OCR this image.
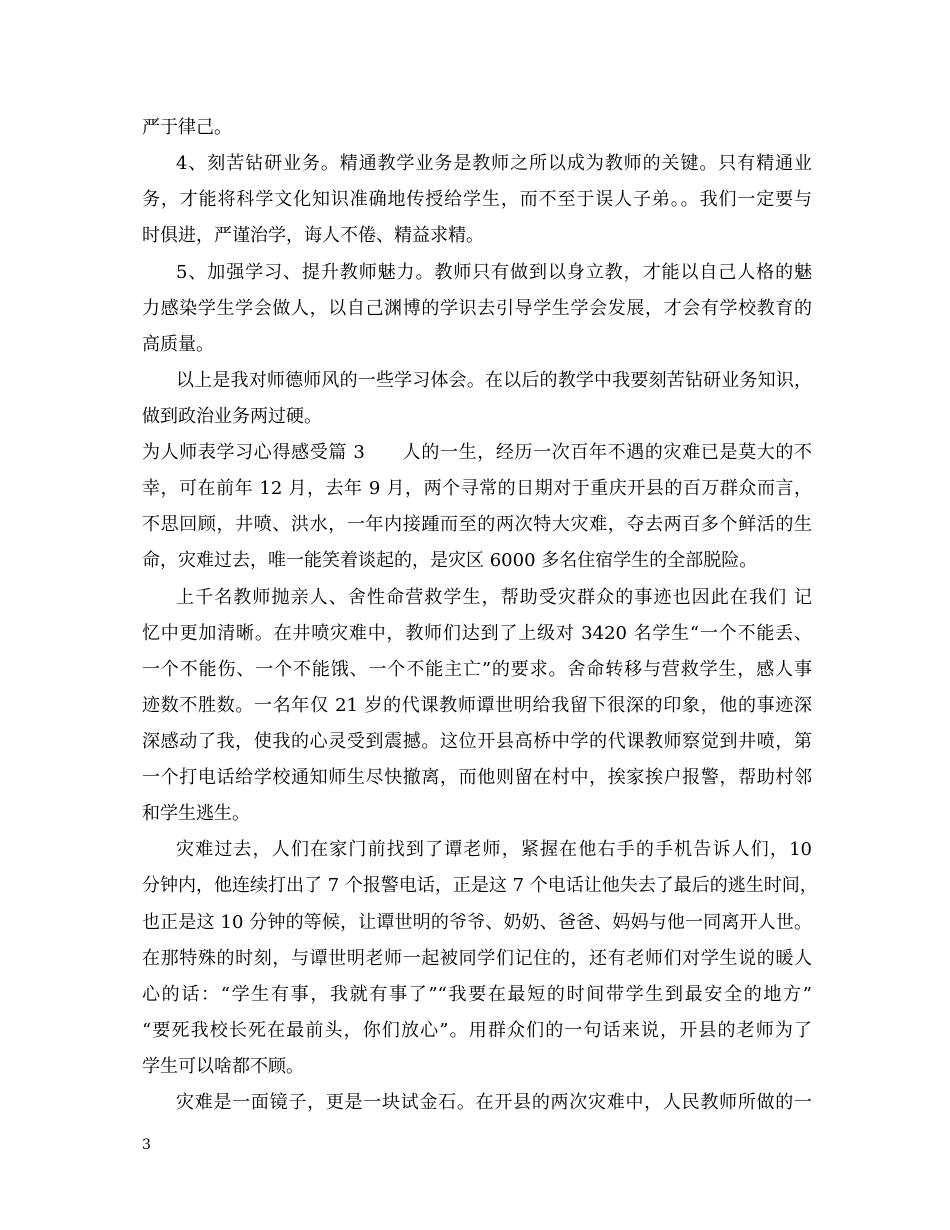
严于律己。
4、刻苦钻研业务。精通教学业务是教师之所以成为教师的关键。只有精通业
务，才能将科学文化知识准确地传授给学生，而不至于误人子弟。。我们一定要与
时俱进，严谨治学，诲人不倦、精益求精。
5、加强学习、提升教师魅力。教师只有做到以身立教，才能以自己人格的魅
力感染学生学会做人，以自己渊博的学识去引导学生学会发展，才会有学校教育的
高质量。
以上是我对师德师风的一些学习体会。在以后的教学中我要刻苦钻研业务知识，
做到政治业务两过硬。
为人师表学习心得感受篇 3　　人的一生，经历一次百年不遇的灾难已是莫大的不
幸，可在前年 12 月，去年 9 月，两个寻常的日期对于重庆开县的百万群众而言，
不思回顾，井喷、洪水，一年内接踵而至的两次特大灾难，夺去两百多个鲜活的生
命，灾难过去，唯一能笑着谈起的，是灾区 6000 多名住宿学生的全部脱险。
上千名教师抛亲人、舍性命营救学生，帮助受灾群众的事迹也因此在我们 记
忆中更加清晰。在井喷灾难中，教师们达到了上级对 3420 名学生“一个不能丢、
一个不能伤、一个不能饿、一个不能主亡”的要求。舍命转移与营救学生，感人事
迹数不胜数。一名年仅 21 岁的代课教师谭世明给我留下很深的印象，他的事迹深
深感动了我，使我的心灵受到震撼。这位开县高桥中学的代课教师察觉到井喷，第
一个打电话给学校通知师生尽快撤离，而他则留在村中，挨家挨户报警，帮助村邻
和学生逃生。
灾难过去，人们在家门前找到了谭老师，紧握在他右手的手机告诉人们，10
分钟内，他连续打出了 7 个报警电话，正是这 7 个电话让他失去了最后的逃生时间，
也正是这 10 分钟的等候，让谭世明的爷爷、奶奶、爸爸、妈妈与他一同离开人世。
在那特殊的时刻，与谭世明老师一起被同学们记住的，还有老师们对学生说的暖人
心的话：“学生有事，我就有事了”“我要在最短的时间带学生到最安全的地方”
“要死我校长死在最前头，你们放心”。用群众们的一句话来说，开县的老师为了
学生可以啥都不顾。
灾难是一面镜子，更是一块试金石。在开县的两次灾难中，人民教师所做的一
3
